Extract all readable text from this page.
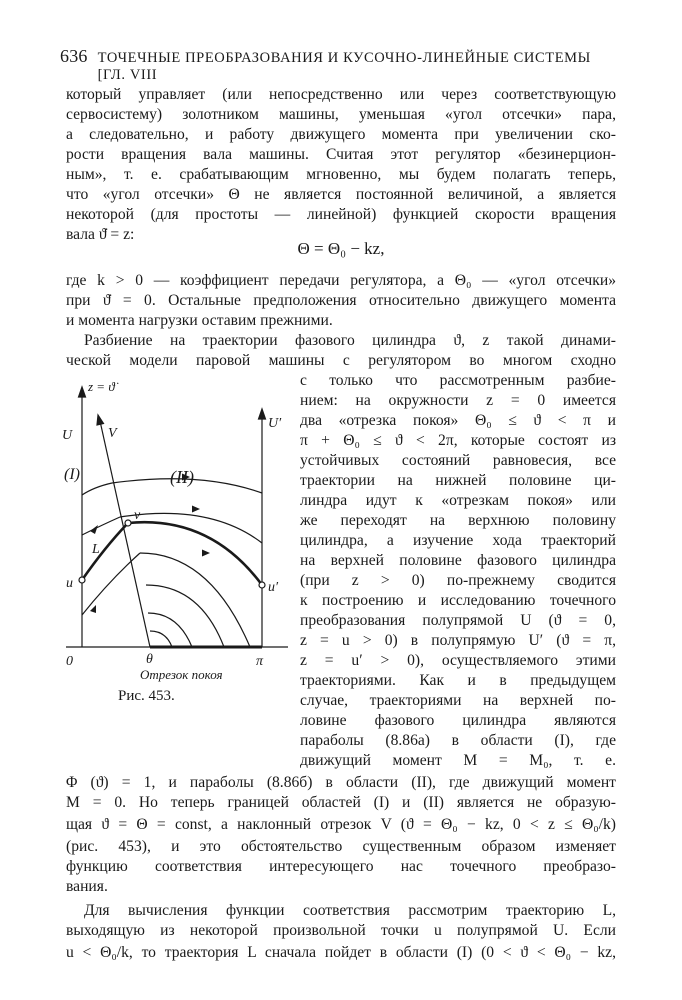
636 ТОЧЕЧНЫЕ ПРЕОБРАЗОВАНИЯ И КУСОЧНО-ЛИНЕЙНЫЕ СИСТЕМЫ [ГЛ. VIII
который управляет (или непосредственно или через соответствующую
сервосистему) золотником машины, уменьшая «угол отсечки» пара,
а следовательно, и работу движущего момента при увеличении ско-
рости вращения вала машины. Считая этот регулятор «безинерцион-
ным», т. е. срабатывающим мгновенно, мы будем полагать теперь,
что «угол отсечки» Θ не является постоянной величиной, а является
некоторой (для простоты — линейной) функцией скорости вращения
вала ϑ̇ = z:
Θ = Θ₀ − kz,
где k > 0 — коэффициент передачи регулятора, а Θ₀ — «угол отсечки»
при ϑ̇ = 0. Остальные предположения относительно движущего момента
и момента нагрузки оставим прежними.
Разбиение на траектории фазового цилиндра ϑ, z такой динами-
ческой модели паровой машины с регулятором во многом сходно
с только что рассмотренным разбие-
нием: на окружности z = 0 имеется
два «отрезка покоя» Θ₀ ≤ ϑ < π и
π + Θ₀ ≤ ϑ < 2π, которые состоят из
устойчивых состояний равновесия, все
траектории на нижней половине ци-
линдра идут к «отрезкам покоя» или
же переходят на верхнюю половину
цилиндра, а изучение хода траекторий
на верхней половине фазового цилиндра
(при z > 0) по-прежнему сводится
к построению и исследованию точечного
преобразования полупрямой U (ϑ = 0,
z = u > 0) в полупрямую U′ (ϑ = π,
z = u′ > 0), осуществляемого этими
траекториями. Как и в предыдущем
случае, траекториями на верхней по-
ловине фазового цилиндра являются
параболы (8.86а) в области (I), где
движущий момент M = M₀, т. е.
Φ (ϑ) = 1, и параболы (8.86б) в области (II), где движущий момент
M = 0. Но теперь границей областей (I) и (II) является не образую-
щая ϑ = Θ = const, а наклонный отрезок V (ϑ = Θ₀ − kz, 0 < z ≤ Θ₀/k)
(рис. 453), и это обстоятельство существенным образом изменяет
функцию соответствия интересующего нас точечного преобразо-
вания.
Для вычисления функции соответствия рассмотрим траекторию L,
выходящую из некоторой произвольной точки u полупрямой U. Если
u < Θ₀/k, то траектория L сначала пойдет в области (I) (0 < ϑ < Θ₀ − kz,
z = ϑ̇
U	V
U′
(I)	(II)
v
L
u	u′
0	θ	π
Отрезок покоя
Рис. 453.
